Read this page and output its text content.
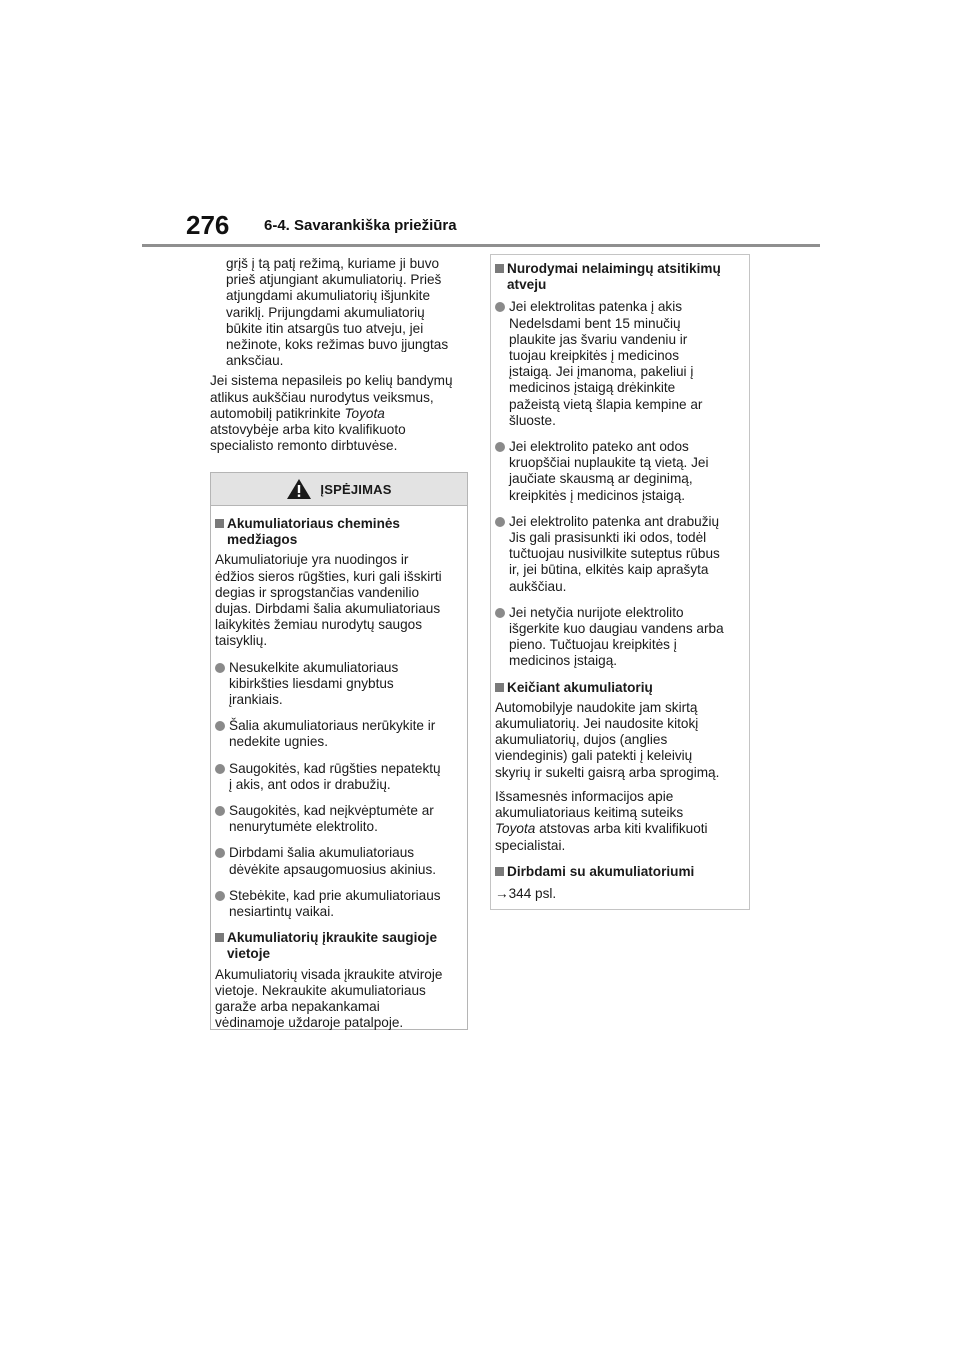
276 6-4. Savarankiška priežiūra

grįš į tą patį režimą, kuriame ji buvo
prieš atjungiant akumuliatorių. Prieš
atjungdami akumuliatorių išjunkite
variklį. Prijungdami akumuliatorių
būkite itin atsargūs tuo atveju, jei
nežinote, koks režimas buvo įjungtas
anksčiau.

Jei sistema nepasileis po kelių bandymų
atlikus aukščiau nurodytus veiksmus,
automobilį patikrinkite Toyota
atstovybėje arba kito kvalifikuoto
specialisto remonto dirbtuvėse.

ĮSPĖJIMAS
Akumuliatoriaus cheminės
medžiagos

Akumuliatoriuje yra nuodingos ir
ėdžios sieros rūgšties, kuri gali išskirti
degias ir sprogstančias vandenilio
dujas. Dirbdami šalia akumuliatoriaus
laikykitės žemiau nurodytų saugos
taisyklių.

Nesukelkite akumuliatoriaus
kibirkšties liesdami gnybtus
įrankiais.

Šalia akumuliatoriaus nerūkykite ir
nedekite ugnies.

Saugokitės, kad rūgšties nepatektų
į akis, ant odos ir drabužių.

Saugokitės, kad neįkvėptumėte ar
nenurytumėte elektrolito.

Dirbdami šalia akumuliatoriaus
dėvėkite apsaugomuosius akinius.

Stebėkite, kad prie akumuliatoriaus
nesiartintų vaikai.

Akumuliatorių įkraukite saugioje
vietoje

Akumuliatorių visada įkraukite atviroje
vietoje. Nekraukite akumuliatoriaus
garaže arba nepakankamai
vėdinamoje uždaroje patalpoje.

Nurodymai nelaimingų atsitikimų
atveju

Jei elektrolitas patenka į akis
Nedelsdami bent 15 minučių
plaukite jas švariu vandeniu ir
tuojau kreipkitės į medicinos
įstaigą. Jei įmanoma, pakeliui į
medicinos įstaigą drėkinkite
pažeistą vietą šlapia kempine ar
šluoste.

Jei elektrolito pateko ant odos
kruopščiai nuplaukite tą vietą. Jei
jaučiate skausmą ar deginimą,
kreipkitės į medicinos įstaigą.

Jei elektrolito patenka ant drabužių
Jis gali prasisunkti iki odos, todėl
tučtuojau nusivilkite suteptus rūbus
ir, jei būtina, elkitės kaip aprašyta
aukščiau.

Jei netyčia nurijote elektrolito
išgerkite kuo daugiau vandens arba
pieno. Tučtuojau kreipkitės į
medicinos įstaigą.

Keičiant akumuliatorių

Automobilyje naudokite jam skirtą
akumuliatorių. Jei naudosite kitokį
akumuliatorių, dujos (anglies
viendeginis) gali patekti į keleivių
skyrių ir sukelti gaisrą arba sprogimą.

Išsamesnės informacijos apie
akumuliatoriaus keitimą suteiks
Toyota atstovas arba kiti kvalifikuoti
specialistai.

Dirbdami su akumuliatoriumi

→344 psl.
